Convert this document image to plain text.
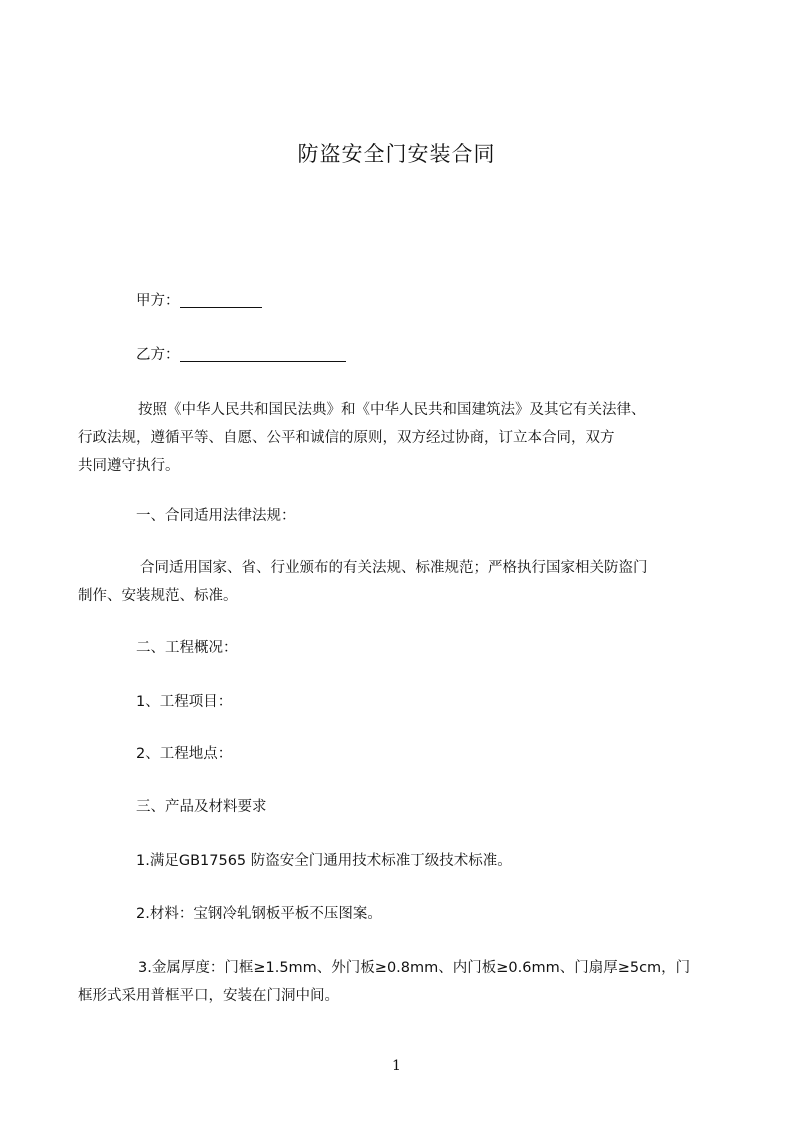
防盗安全门安装合同

甲方：

乙方：

按照《中华人民共和国民法典》和《中华人民共和国建筑法》及其它有关法律、
行政法规，遵循平等、自愿、公平和诚信的原则，双方经过协商，订立本合同，双方
共同遵守执行。

一、合同适用法律法规：

合同适用国家、省、行业颁布的有关法规、标准规范；严格执行国家相关防盗门
制作、安装规范、标准。

二、工程概况：

1、工程项目：

2、工程地点：

三、产品及材料要求

1.满足GB17565 防盗安全门通用技术标准丁级技术标准。

2.材料：宝钢冷轧钢板平板不压图案。

3.金属厚度：门框≥1.5mm、外门板≥0.8mm、内门板≥0.6mm、门扇厚≥5cm，门
框形式采用普框平口，安装在门洞中间。
1
